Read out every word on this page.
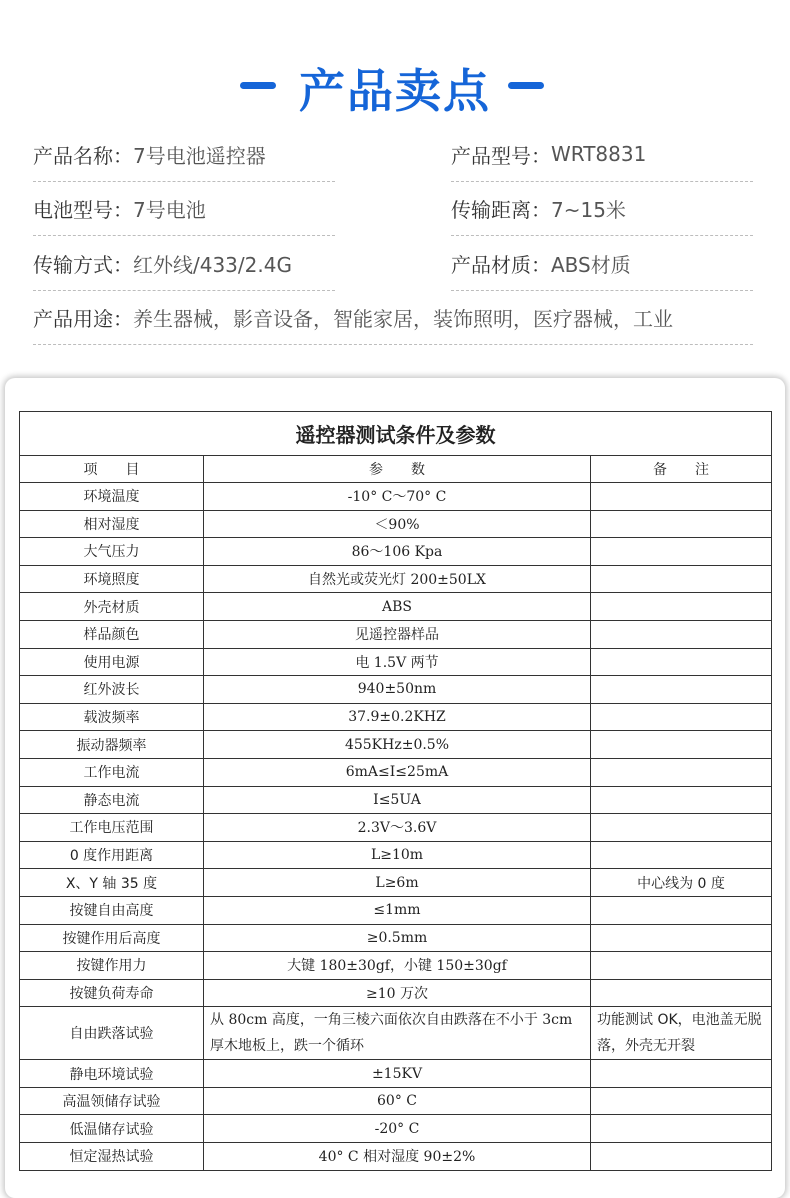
产品卖点
产品名称： 7号电池遥控器	产品型号： WRT8831
电池型号： 7号电池	传输距离： 7~15米
传输方式： 红外线/433/2.4G	产品材质： ABS材质
产品用途： 养生器械，影音设备，智能家居，装饰照明，医疗器械，工业
遥控器测试条件及参数		
项　　目	参　　数	备　　注
环境温度	-10° C～70° C	
相对湿度	＜90%	
大气压力	86～106 Kpa	
环境照度	自然光或荧光灯 200±50LX	
外壳材质	ABS	
样品颜色	见遥控器样品	
使用电源	电 1.5V 两节	
红外波长	940±50nm	
载波频率	37.9±0.2KHZ	
振动器频率	455KHz±0.5%	
工作电流	6mA≤I≤25mA	
静态电流	I≤5UA	
工作电压范围	2.3V～3.6V	
0 度作用距离	L≥10m	
X、Y 轴 35 度	L≥6m	中心线为 0 度
按键自由高度	≤1mm	
按键作用后高度	≥0.5mm	
按键作用力	大键 180±30gf，小键 150±30gf	
按键负荷寿命	≥10 万次	
自由跌落试验	从 80cm 高度，一角三棱六面依次自由跌落在不小于 3cm 厚木地板上，跌一个循环	功能测试 OK，电池盖无脱落，外壳无开裂
静电环境试验	±15KV	
高温领储存试验	60° C	
低温储存试验	-20° C	
恒定湿热试验	40° C 相对湿度 90±2%	
